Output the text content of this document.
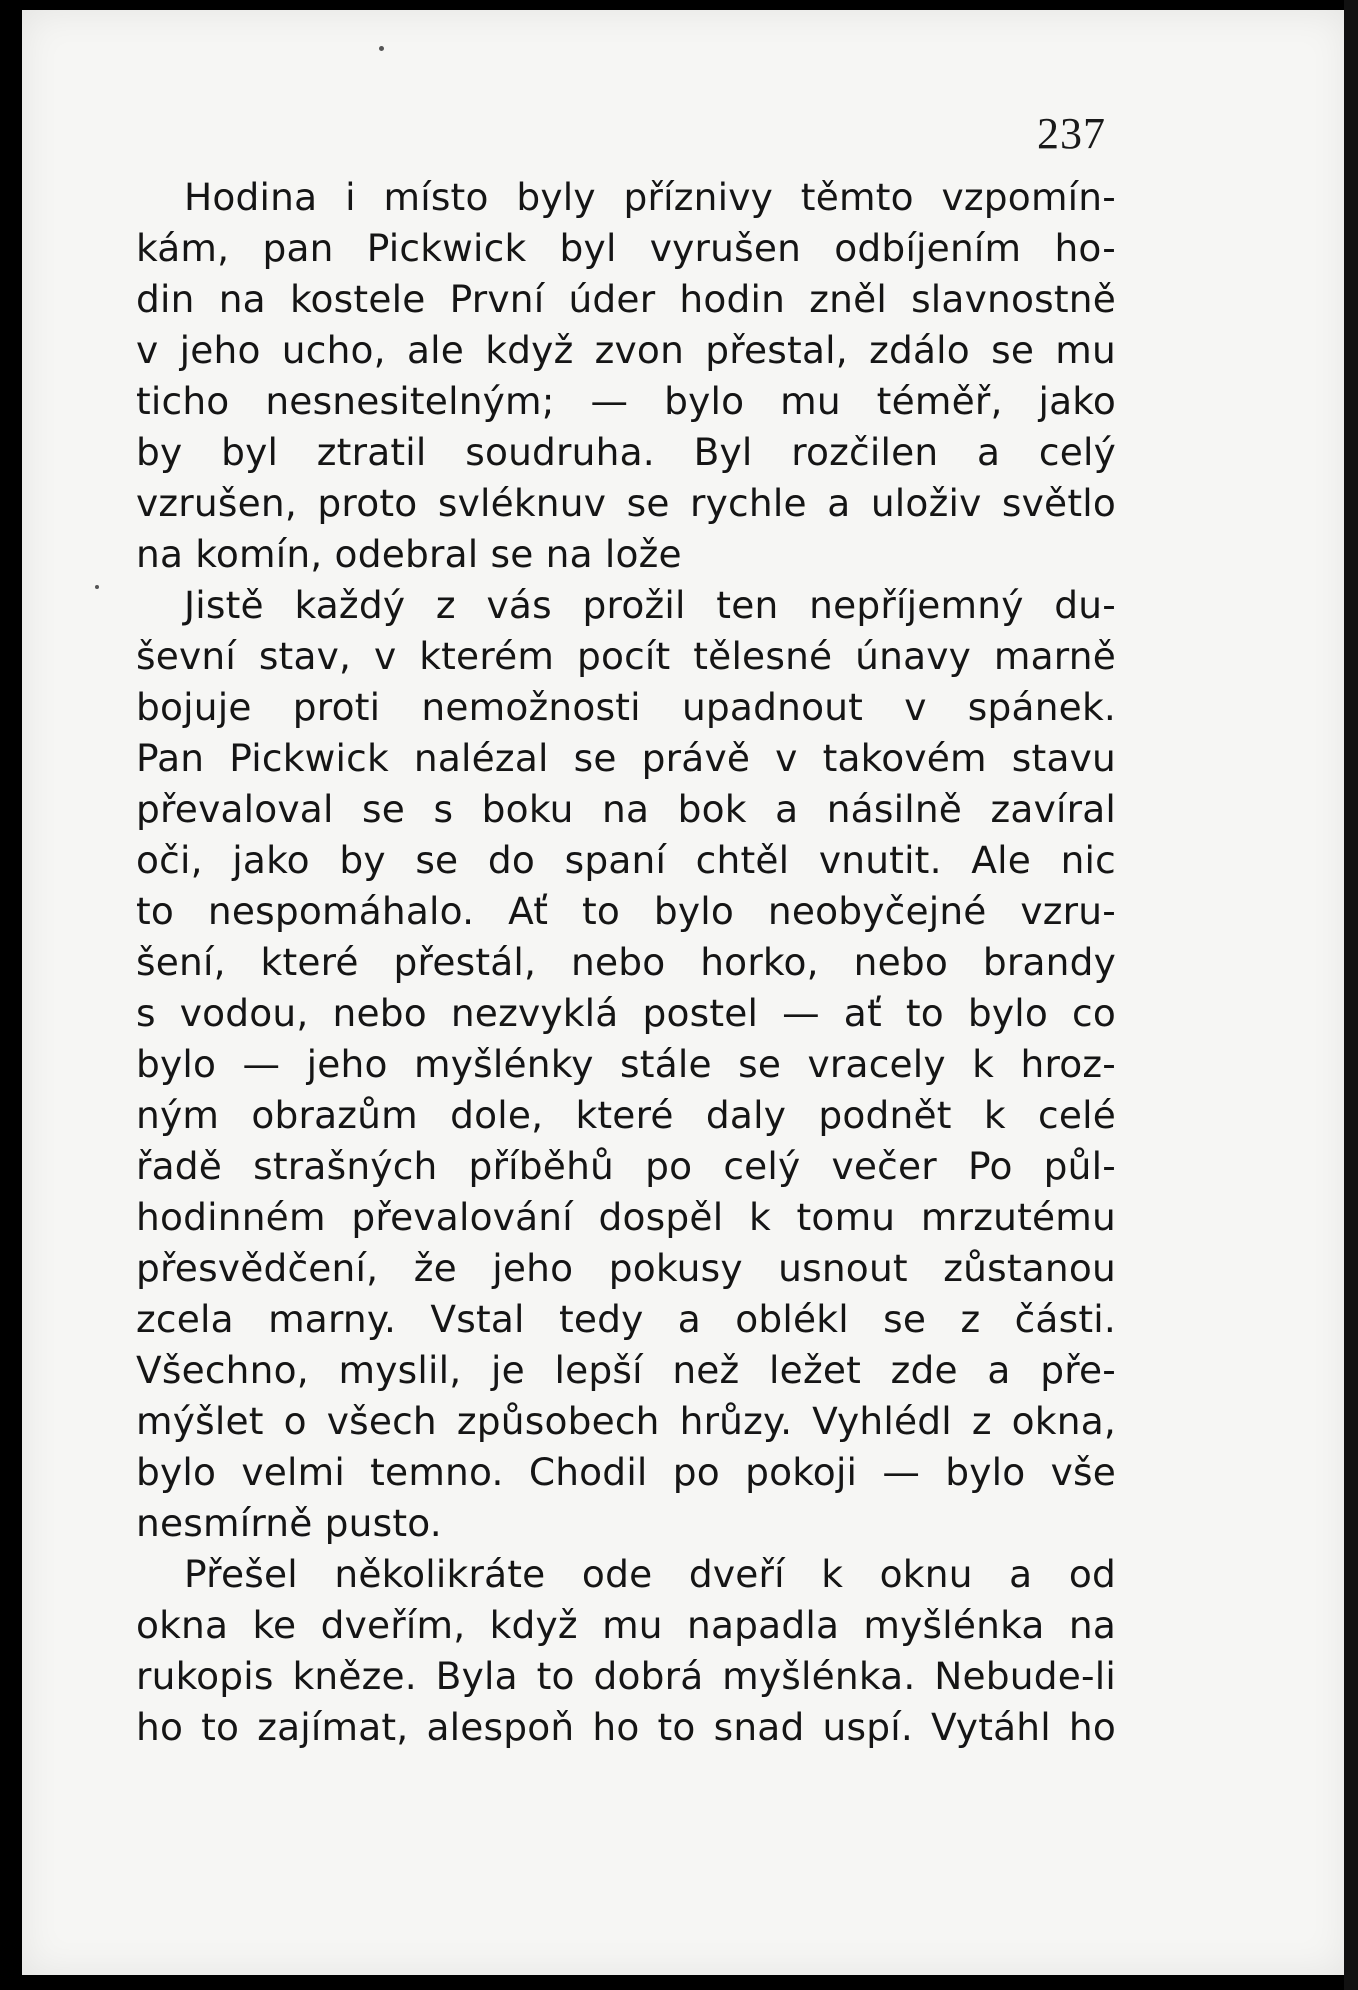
237
Hodina i místo byly příznivy těmto vzpomín-
kám, pan Pickwick byl vyrušen odbíjením ho-
din na kostele První úder hodin zněl slavnostně
v jeho ucho, ale když zvon přestal, zdálo se mu
ticho nesnesitelným; — bylo mu téměř, jako
by byl ztratil soudruha. Byl rozčilen a celý
vzrušen, proto svléknuv se rychle a uloživ světlo
na komín, odebral se na lože
Jistě každý z vás prožil ten nepříjemný du-
ševní stav, v kterém pocít tělesné únavy marně
bojuje proti nemožnosti upadnout v spánek.
Pan Pickwick nalézal se právě v takovém stavu
převaloval se s boku na bok a násilně zavíral
oči, jako by se do spaní chtěl vnutit. Ale nic
to nespomáhalo. Ať to bylo neobyčejné vzru-
šení, které přestál, nebo horko, nebo brandy
s vodou, nebo nezvyklá postel — ať to bylo co
bylo — jeho myšlénky stále se vracely k hroz-
ným obrazům dole, které daly podnět k celé
řadě strašných příběhů po celý večer Po půl-
hodinném převalování dospěl k tomu mrzutému
přesvědčení, že jeho pokusy usnout zůstanou
zcela marny. Vstal tedy a oblékl se z části.
Všechno, myslil, je lepší než ležet zde a pře-
mýšlet o všech způsobech hrůzy. Vyhlédl z okna,
bylo velmi temno. Chodil po pokoji — bylo vše
nesmírně pusto.
Přešel několikráte ode dveří k oknu a od
okna ke dveřím, když mu napadla myšlénka na
rukopis kněze. Byla to dobrá myšlénka. Nebude-li
ho to zajímat, alespoň ho to snad uspí. Vytáhl ho
